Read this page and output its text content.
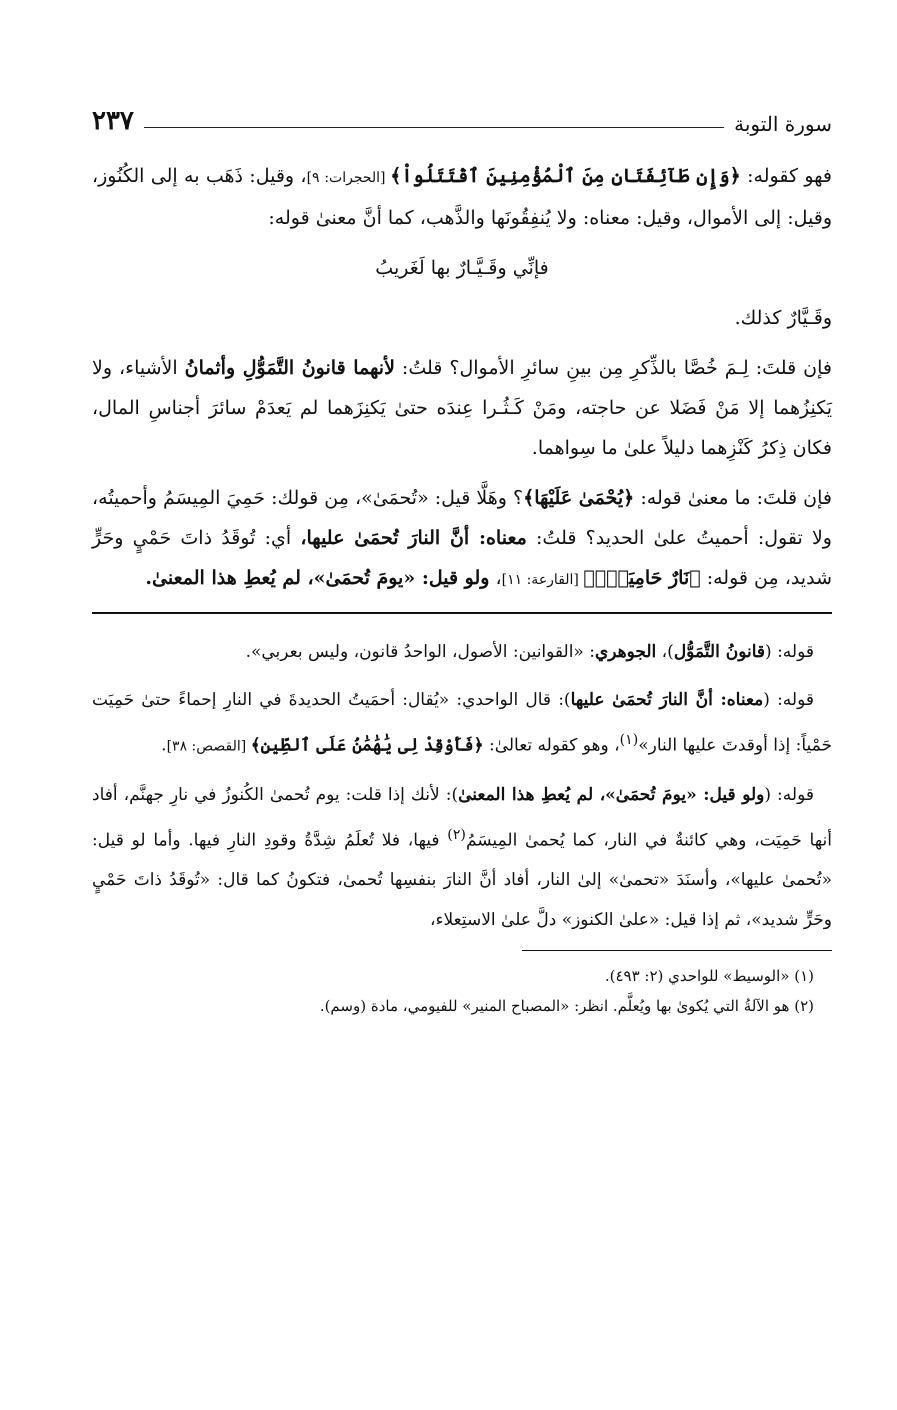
سورة التوبة
٢٣٧

فهو كقوله: ﴿وَإِن طَآئِفَتَانِ مِنَ ٱلْمُؤْمِنِينَ ٱقْتَتَلُواْ﴾ [الحجرات: ٩]، وقيل: ذَهَب به إلى الكُنُوز، وقيل: إلى الأموال، وقيل: معناه: ولا يُنفِقُونَها والذَّهب، كما أنَّ معنىٰ قوله:

فإنِّي وقَـيَّـارٌ بها لَغَريبُ

وقَـيَّارٌ كذلك.

فإن قلتَ: لِـمَ خُصَّا بالذِّكرِ مِن بينِ سائرِ الأموال؟ قلتُ: لأنهما قانونُ التَّمَوُّلِ وأثمانُ الأشياء، ولا يَكنِزُهما إلا مَنْ فَضَلا عن حاجته، ومَنْ كَـثُـرا عِندَه حتىٰ يَكنِزَهما لم يَعدَمْ سائرَ أجناسِ المال، فكان ذِكرُ كَنْزِهما دليلاً علىٰ ما سِواهما.

فإن قلتَ: ما معنىٰ قوله: ﴿يُحْمَىٰ عَلَيْهَا﴾؟ وهَلَّا قيل: «تُحمَىٰ»، مِن قولك: حَمِيَ المِيسَمُ وأحميتُه، ولا تقول: أحميتُ علىٰ الحديد؟ قلتُ: معناه: أنَّ النارَ تُحمَىٰ عليها، أي: تُوقَدُ ذاتَ حَمْيٍ وحَرٍّ شديد، مِن قوله: ﴿نَارٌ حَامِيَةٌۢ﴾ [القارعة: ١١]، ولو قيل: «يومَ تُحمَىٰ»، لم يُعطِ هذا المعنىٰ.

قوله: (قانونُ التَّمَوُّل)، الجوهري: «القوانين: الأصول، الواحدُ قانون، وليس بعربي».

قوله: (معناه: أنَّ النارَ تُحمَىٰ عليها): قال الواحدي: «يُقال: أحمَيتُ الحديدةَ في النارِ إحماءً حتىٰ حَمِيَت حَمْياً: إذا أوقدتَ عليها النار»$^{(١)}$، وهو كقوله تعالىٰ: ﴿فَأَوْقِدْ لِى يَٰهَٰمَٰنُ عَلَى ٱلطِّينِ﴾ [القصص: ٣٨].

قوله: (ولو قيل: «يومَ تُحمَىٰ»، لم يُعطِ هذا المعنىٰ): لأنك إذا قلت: يوم تُحمىٰ الكُنوزُ في نارِ جهنَّم، أفاد أنها حَمِيَت، وهي كائنةٌ في النار، كما يُحمىٰ المِيسَمُ$^{(٢)}$ فيها، فلا تُعلَمُ شِدَّةُ وقودِ النارِ فيها. وأما لو قيل: «تُحمىٰ عليها»، وأسنَدَ «تحمىٰ» إلىٰ النار، أفاد أنَّ النارَ بنفسِها تُحمىٰ، فتكونُ كما قال: «تُوقَدُ ذاتَ حَمْيٍ وحَرٍّ شديد»، ثم إذا قيل: «علىٰ الكنوز» دلَّ علىٰ الاستِعلاء،

(١) «الوسيط» للواحدي (٢: ٤٩٣).

(٢) هو الآلةُ التي يُكوىٰ بها ويُعلَّم. انظر: «المصباح المنير» للفيومي، مادة (وسم).
